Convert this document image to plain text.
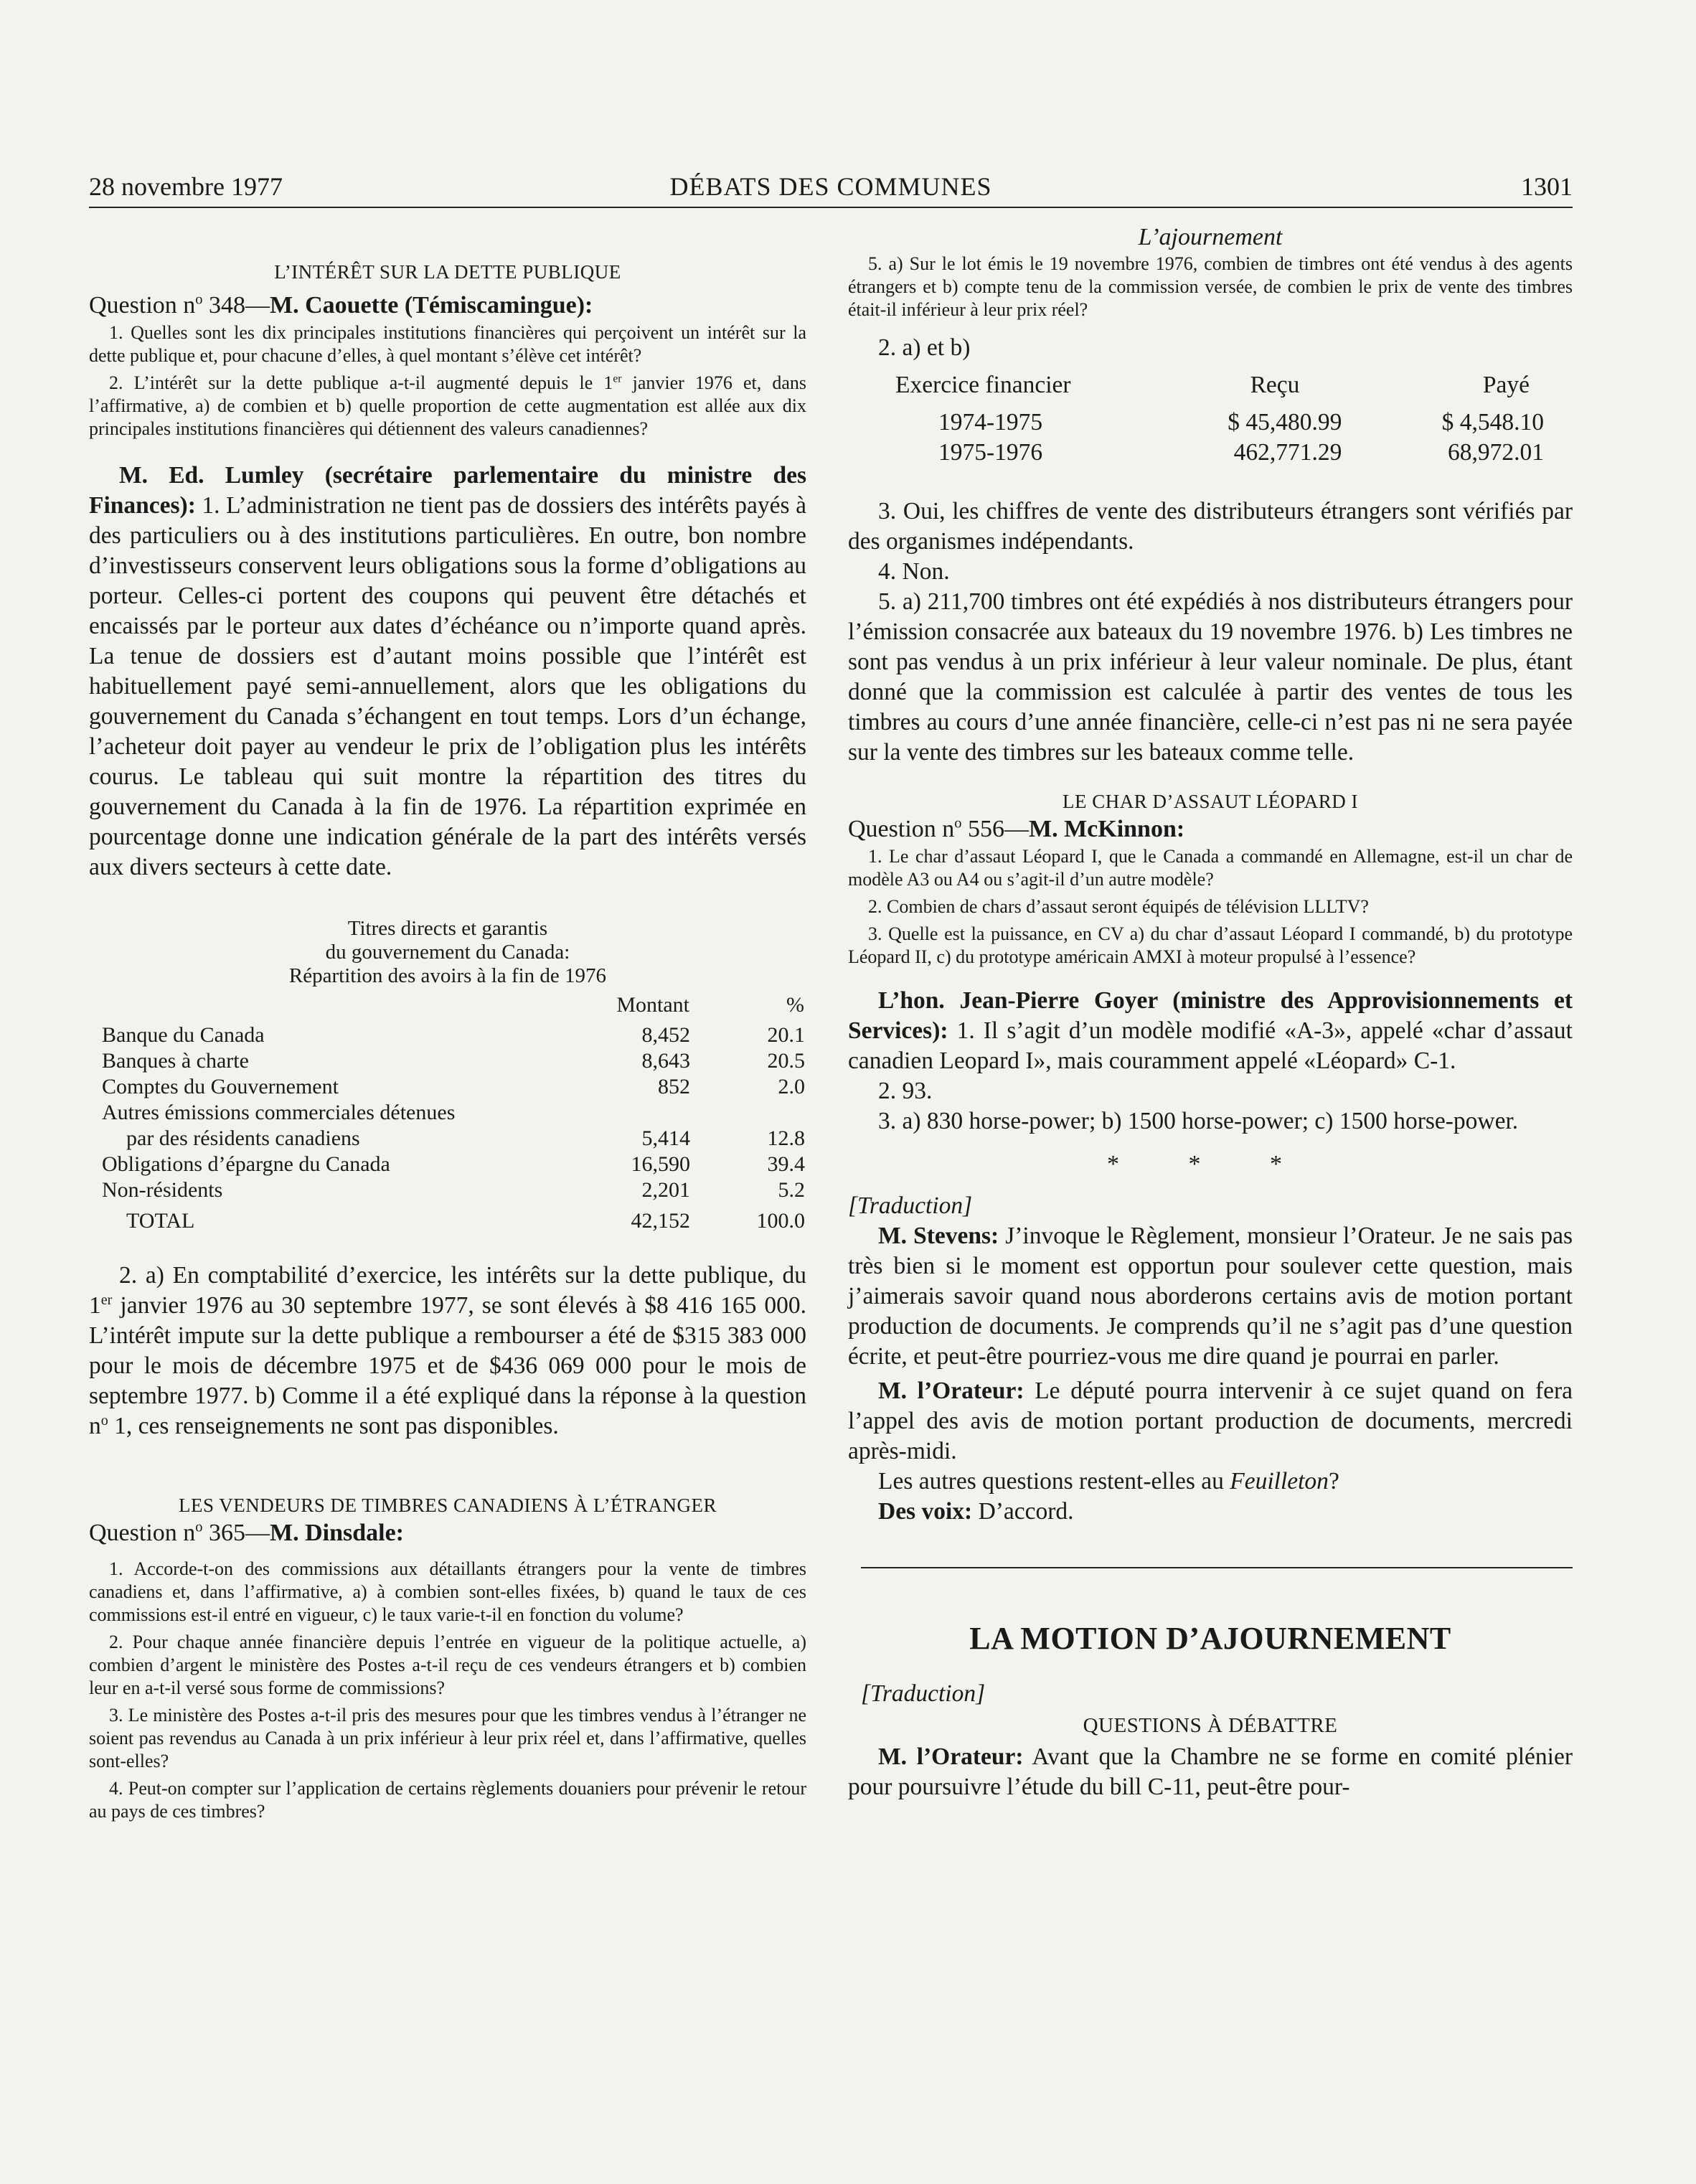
28 novembre 1977	DÉBATS DES COMMUNES	1301

L’INTÉRÊT SUR LA DETTE PUBLIQUE

Question $n^o$ 348—M. Caouette (Témiscamingue):

1. Quelles sont les dix principales institutions financières qui perçoivent un intérêt sur la dette publique et, pour chacune d’elles, à quel montant s’élève cet intérêt?

2. L’intérêt sur la dette publique a-t-il augmenté depuis le 1er janvier 1976 et, dans l’affirmative, a) de combien et b) quelle proportion de cette augmentation est allée aux dix principales institutions financières qui détiennent des valeurs canadiennes?

M. Ed. Lumley (secrétaire parlementaire du ministre des Finances): 1. L’administration ne tient pas de dossiers des intérêts payés à des particuliers ou à des institutions particulières. En outre, bon nombre d’investisseurs conservent leurs obligations sous la forme d’obligations au porteur. Celles-ci portent des coupons qui peuvent être détachés et encaissés par le porteur aux dates d’échéance ou n’importe quand après. La tenue de dossiers est d’autant moins possible que l’intérêt est habituellement payé semi-annuellement, alors que les obligations du gouvernement du Canada s’échangent en tout temps. Lors d’un échange, l’acheteur doit payer au vendeur le prix de l’obligation plus les intérêts courus. Le tableau qui suit montre la répartition des titres du gouvernement du Canada à la fin de 1976. La répartition exprimée en pourcentage donne une indication générale de la part des intérêts versés aux divers secteurs à cette date.

Titres directs et garantis

du gouvernement du Canada:

Répartition des avoirs à la fin de 1976

	Montant	%
Banque du Canada	8,452	20.1
Banques à charte	8,643	20.5
Comptes du Gouvernement	852	2.0
Autres émissions commerciales détenues		
par des résidents canadiens	5,414	12.8
Obligations d’épargne du Canada	16,590	39.4
Non-résidents	2,201	5.2
TOTAL	42,152	100.0

2. a) En comptabilité d’exercice, les intérêts sur la dette publique, du 1er janvier 1976 au 30 septembre 1977, se sont élevés à $8 416 165 000. L’intérêt impute sur la dette publique a rembourser a été de $315 383 000 pour le mois de décembre 1975 et de $436 069 000 pour le mois de septembre 1977. b) Comme il a été expliqué dans la réponse à la question $n^o$ 1, ces renseignements ne sont pas disponibles.

LES VENDEURS DE TIMBRES CANADIENS À L’ÉTRANGER

Question $n^o$ 365—M. Dinsdale:

1. Accorde-t-on des commissions aux détaillants étrangers pour la vente de timbres canadiens et, dans l’affirmative, a) à combien sont-elles fixées, b) quand le taux de ces commissions est-il entré en vigueur, c) le taux varie-t-il en fonction du volume?

2. Pour chaque année financière depuis l’entrée en vigueur de la politique actuelle, a) combien d’argent le ministère des Postes a-t-il reçu de ces vendeurs étrangers et b) combien leur en a-t-il versé sous forme de commissions?

3. Le ministère des Postes a-t-il pris des mesures pour que les timbres vendus à l’étranger ne soient pas revendus au Canada à un prix inférieur à leur prix réel et, dans l’affirmative, quelles sont-elles?

4. Peut-on compter sur l’application de certains règlements douaniers pour prévenir le retour au pays de ces timbres?

L’ajournement

5. a) Sur le lot émis le 19 novembre 1976, combien de timbres ont été vendus à des agents étrangers et b) compte tenu de la commission versée, de combien le prix de vente des timbres était-il inférieur à leur prix réel?

2. a) et b)

Exercice financier	Reçu	Payé
1974-1975	$ 45,480.99	$ 4,548.10
1975-1976	462,771.29	68,972.01

3. Oui, les chiffres de vente des distributeurs étrangers sont vérifiés par des organismes indépendants.

4. Non.

5. a) 211,700 timbres ont été expédiés à nos distributeurs étrangers pour l’émission consacrée aux bateaux du 19 novembre 1976. b) Les timbres ne sont pas vendus à un prix inférieur à leur valeur nominale. De plus, étant donné que la commission est calculée à partir des ventes de tous les timbres au cours d’une année financière, celle-ci n’est pas ni ne sera payée sur la vente des timbres sur les bateaux comme telle.

LE CHAR D’ASSAUT LÉOPARD I

Question $n^o$ 556—M. McKinnon:

1. Le char d’assaut Léopard I, que le Canada a commandé en Allemagne, est-il un char de modèle A3 ou A4 ou s’agit-il d’un autre modèle?

2. Combien de chars d’assaut seront équipés de télévision LLLTV?

3. Quelle est la puissance, en CV a) du char d’assaut Léopard I commandé, b) du prototype Léopard II, c) du prototype américain AMXI à moteur propulsé à l’essence?

L’hon. Jean-Pierre Goyer (ministre des Approvisionnements et Services): 1. Il s’agit d’un modèle modifié «A-3», appelé «char d’assaut canadien Leopard I», mais couramment appelé «Léopard» C-1.

2. 93.

3. a) 830 horse-power; b) 1500 horse-power; c) 1500 horse-power.

* * *

[Traduction]

M. Stevens: J’invoque le Règlement, monsieur l’Orateur. Je ne sais pas très bien si le moment est opportun pour soulever cette question, mais j’aimerais savoir quand nous aborderons certains avis de motion portant production de documents. Je comprends qu’il ne s’agit pas d’une question écrite, et peut-être pourriez-vous me dire quand je pourrai en parler.

M. l’Orateur: Le député pourra intervenir à ce sujet quand on fera l’appel des avis de motion portant production de documents, mercredi après-midi.

Les autres questions restent-elles au Feuilleton?

Des voix: D’accord.

LA MOTION D’AJOURNEMENT

[Traduction]

QUESTIONS À DÉBATTRE

M. l’Orateur: Avant que la Chambre ne se forme en comité plénier pour poursuivre l’étude du bill C-11, peut-être pour-
